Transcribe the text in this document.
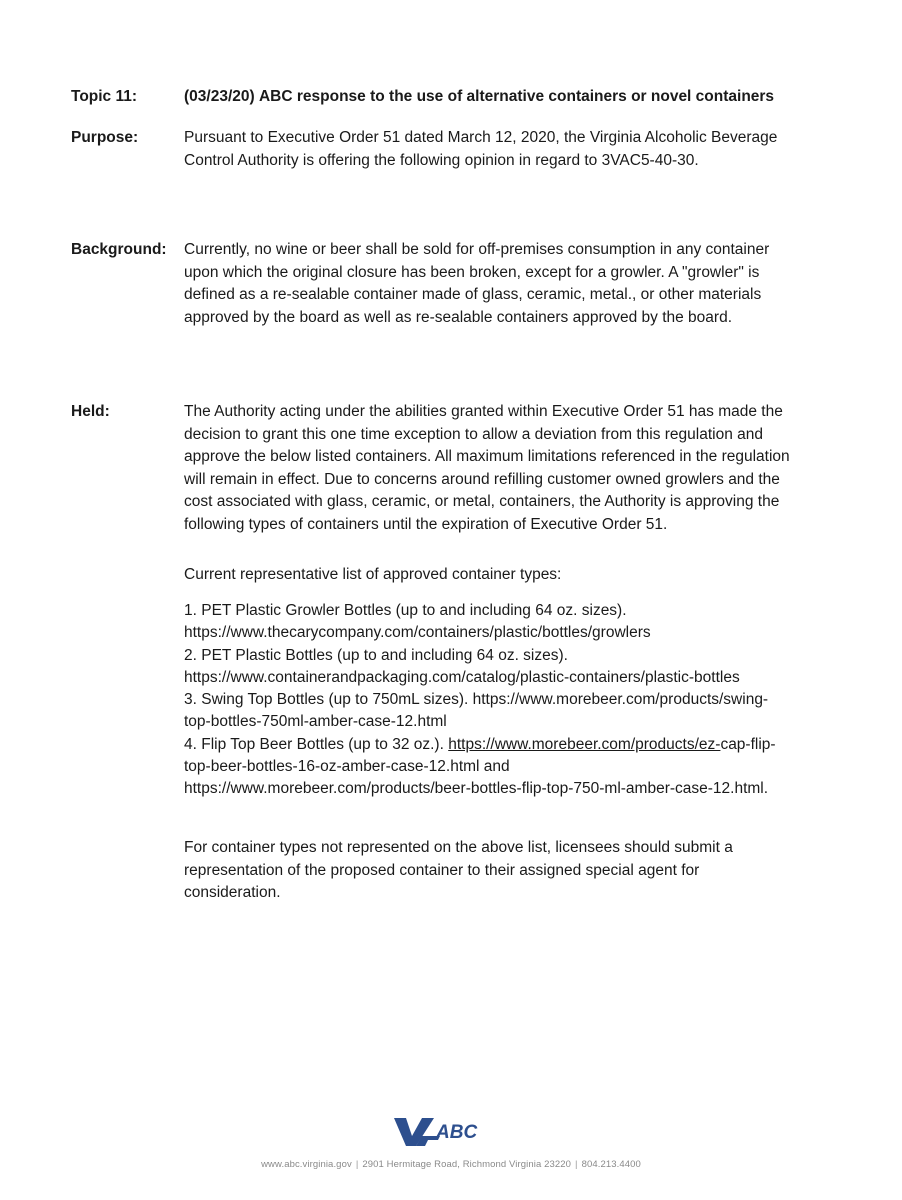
Topic 11:	(03/23/20) ABC response to the use of alternative containers or novel containers
Purpose:	Pursuant to Executive Order 51 dated March 12, 2020, the Virginia Alcoholic Beverage
Control Authority is offering the following opinion in regard to 3VAC5-40-30.
Background: Currently, no wine or beer shall be sold for off-premises consumption in any container
upon which the original closure has been broken, except for a growler. A "growler" is
defined as a re-sealable container made of glass, ceramic, metal., or other materials
approved by the board as well as re-sealable containers approved by the board.
Held:	The Authority acting under the abilities granted within Executive Order 51 has made the
decision to grant this one time exception to allow a deviation from this regulation and
approve the below listed containers. All maximum limitations referenced in the regulation
will remain in effect. Due to concerns around refilling customer owned growlers and the
cost associated with glass, ceramic, or metal, containers, the Authority is approving the
following types of containers until the expiration of Executive Order 51.
Current representative list of approved container types:
1. PET Plastic Growler Bottles (up to and including 64 oz. sizes).
https://www.thecarycompany.com/containers/plastic/bottles/growlers
2. PET Plastic Bottles (up to and including 64 oz. sizes).
https://www.containerandpackaging.com/catalog/plastic-containers/plastic-bottles
3. Swing Top Bottles (up to 750mL sizes). https://www.morebeer.com/products/swing-
top-bottles-750ml-amber-case-12.html
4. Flip Top Beer Bottles (up to 32 oz.). https://www.morebeer.com/products/ez-cap-flip-
top-beer-bottles-16-oz-amber-case-12.html and
https://www.morebeer.com/products/beer-bottles-flip-top-750-ml-amber-case-12.html.
For container types not represented on the above list, licensees should submit a
representation of the proposed container to their assigned special agent for
consideration.
ABC
www.abc.virginia.gov | 2901 Hermitage Road, Richmond Virginia 23220 | 804.213.4400
